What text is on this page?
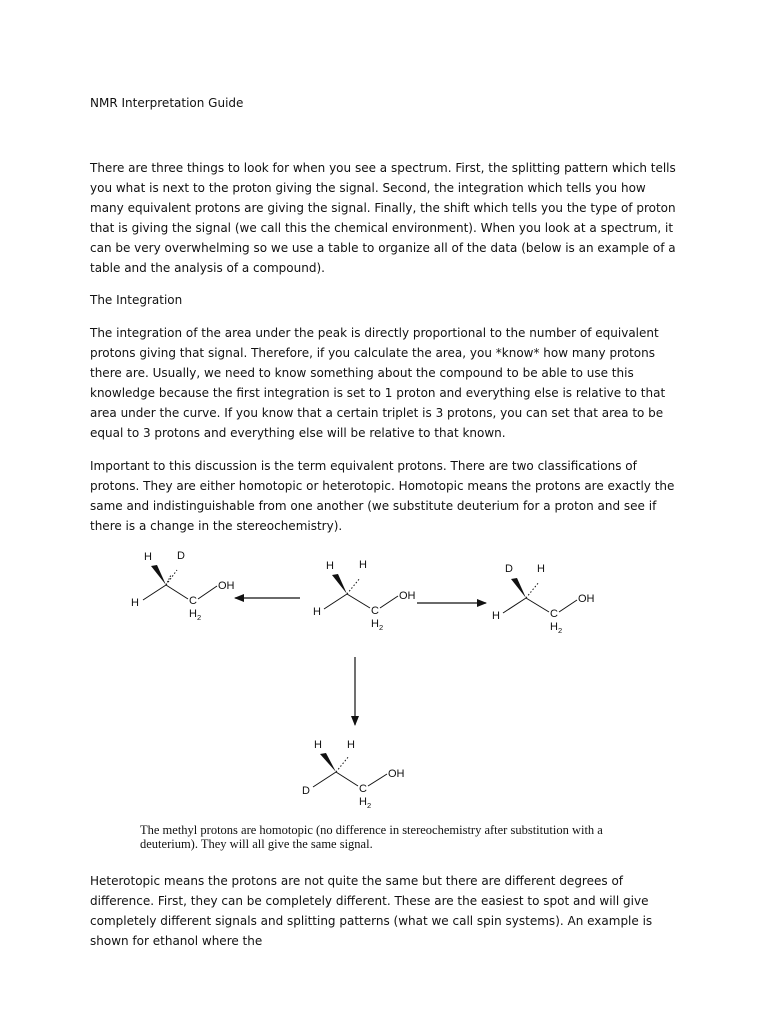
NMR Interpretation Guide

There are three things to look for when you see a spectrum. First, the splitting pattern which tells you what is next to the proton giving the signal. Second, the integration which tells you how many equivalent protons are giving the signal. Finally, the shift which tells you the type of proton that is giving the signal (we call this the chemical environment). When you look at a spectrum, it can be very overwhelming so we use a table to organize all of the data (below is an example of a table and the analysis of a compound).

The Integration

The integration of the area under the peak is directly proportional to the number of equivalent protons giving that signal. Therefore, if you calculate the area, you *know* how many protons there are. Usually, we need to know something about the compound to be able to use this knowledge because the first integration is set to 1 proton and everything else is relative to that area under the curve. If you know that a certain triplet is 3 protons, you can set that area to be equal to 3 protons and everything else will be relative to that known.

Important to this discussion is the term equivalent protons. There are two classifications of protons. They are either homotopic or heterotopic. Homotopic means the protons are exactly the same and indistinguishable from one another (we substitute deuterium for a proton and see if there is a change in the stereochemistry).

H D
H
OH
C
H 2
H H
H
OH
C
H 2
D H
H
OH
C
H 2
H H
D
OH
C
H 2

The methyl protons are homotopic (no difference in stereochemistry after substitution with a deuterium). They will all give the same signal.

Heterotopic means the protons are not quite the same but there are different degrees of difference. First, they can be completely different. These are the easiest to spot and will give completely different signals and splitting patterns (what we call spin systems). An example is shown for ethanol where the
